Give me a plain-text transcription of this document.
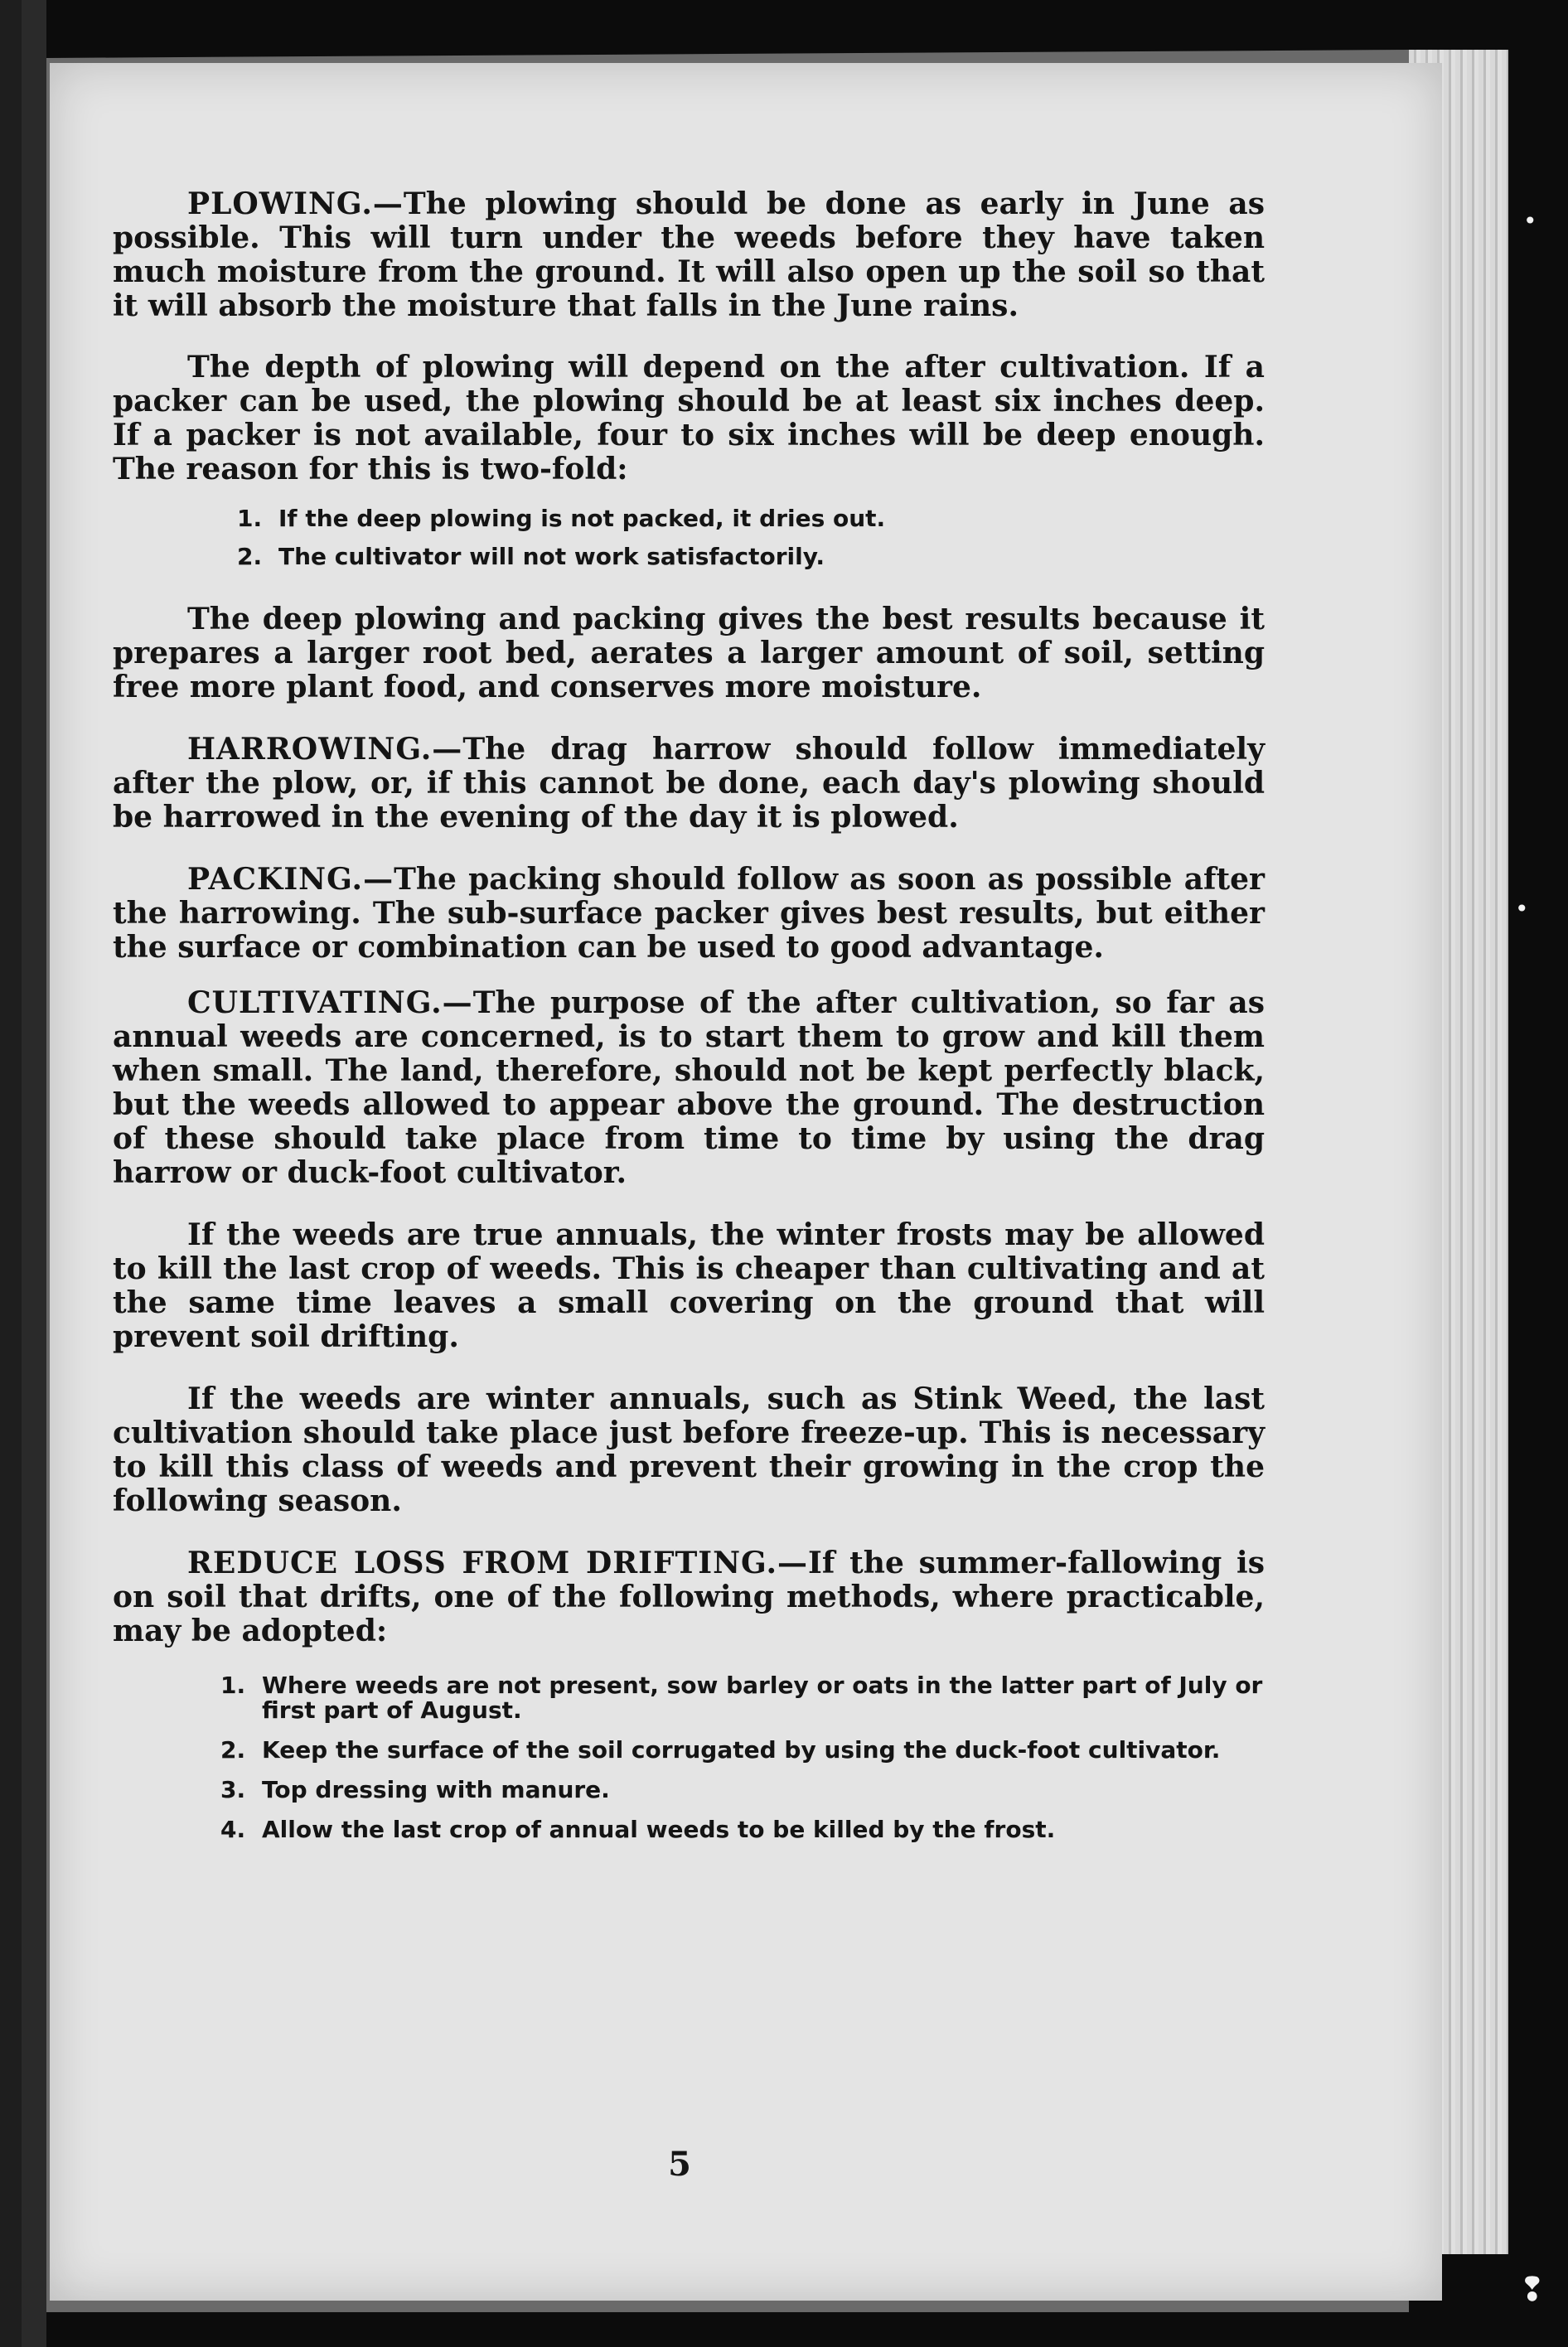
•
•
❢

PLOWING.—The plowing should be done as early in June as possible. This will turn under the weeds before they have taken much moisture from the ground. It will also open up the soil so that it will absorb the moisture that falls in the June rains.

The depth of plowing will depend on the after cultivation. If a packer can be used, the plowing should be at least six inches deep. If a packer is not available, four to six inches will be deep enough. The reason for this is two-fold:

1. If the deep plowing is not packed, it dries out.
2. The cultivator will not work satisfactorily.

The deep plowing and packing gives the best results because it prepares a larger root bed, aerates a larger amount of soil, setting free more plant food, and conserves more moisture.

HARROWING.—The drag harrow should follow immediately after the plow, or, if this cannot be done, each day's plowing should be harrowed in the evening of the day it is plowed.

PACKING.—The packing should follow as soon as possible after the harrowing. The sub-surface packer gives best results, but either the surface or combination can be used to good advantage.

CULTIVATING.—The purpose of the after cultivation, so far as annual weeds are concerned, is to start them to grow and kill them when small. The land, therefore, should not be kept perfectly black, but the weeds allowed to appear above the ground. The destruction of these should take place from time to time by using the drag harrow or duck-foot cultivator.

If the weeds are true annuals, the winter frosts may be allowed to kill the last crop of weeds. This is cheaper than cultivating and at the same time leaves a small covering on the ground that will prevent soil drifting.

If the weeds are winter annuals, such as Stink Weed, the last cultivation should take place just before freeze-up. This is necessary to kill this class of weeds and prevent their growing in the crop the following season.

REDUCE LOSS FROM DRIFTING.—If the summer-fallowing is on soil that drifts, one of the following methods, where practicable, may be adopted:

1. Where weeds are not present, sow barley or oats in the latter part of July or first part of August.
2. Keep the surface of the soil corrugated by using the duck-foot cultivator.
3. Top dressing with manure.
4. Allow the last crop of annual weeds to be killed by the frost.
5
